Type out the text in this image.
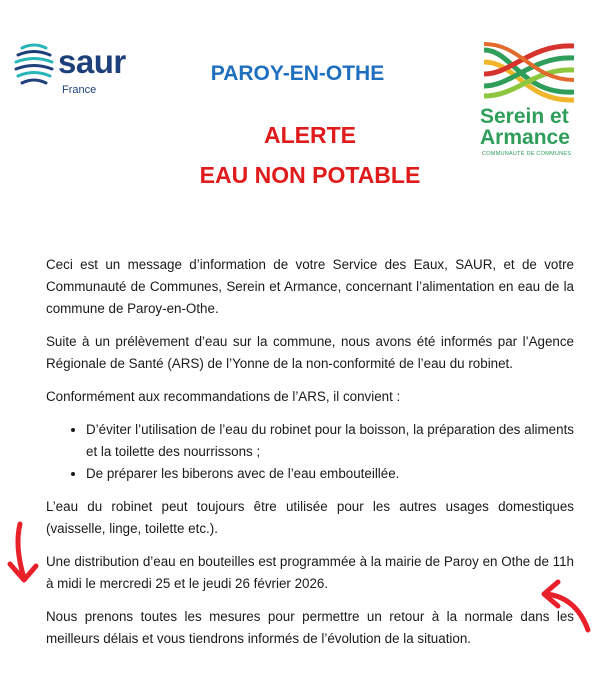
saur
France
PAROY-EN-OTHE
ALERTE
EAU NON POTABLE
Serein et
Armance
COMMUNAUTÉ DE COMMUNES

Ceci est un message d’information de votre Service des Eaux, SAUR, et de votre Communauté de Communes, Serein et Armance, concernant l’alimentation en eau de la commune de Paroy-en-Othe.

Suite à un prélèvement d’eau sur la commune, nous avons été informés par l’Agence Régionale de Santé (ARS) de l’Yonne de la non-conformité de l’eau du robinet.

Conformément aux recommandations de l’ARS, il convient :

• D’éviter l’utilisation de l’eau du robinet pour la boisson, la préparation des aliments et la toilette des nourrissons ;
• De préparer les biberons avec de l’eau embouteillée.

L’eau du robinet peut toujours être utilisée pour les autres usages domestiques (vaisselle, linge, toilette etc.).

Une distribution d’eau en bouteilles est programmée à la mairie de Paroy en Othe de 11h à midi le mercredi 25 et le jeudi 26 février 2026.

Nous prenons toutes les mesures pour permettre un retour à la normale dans les meilleurs délais et vous tiendrons informés de l’évolution de la situation.
